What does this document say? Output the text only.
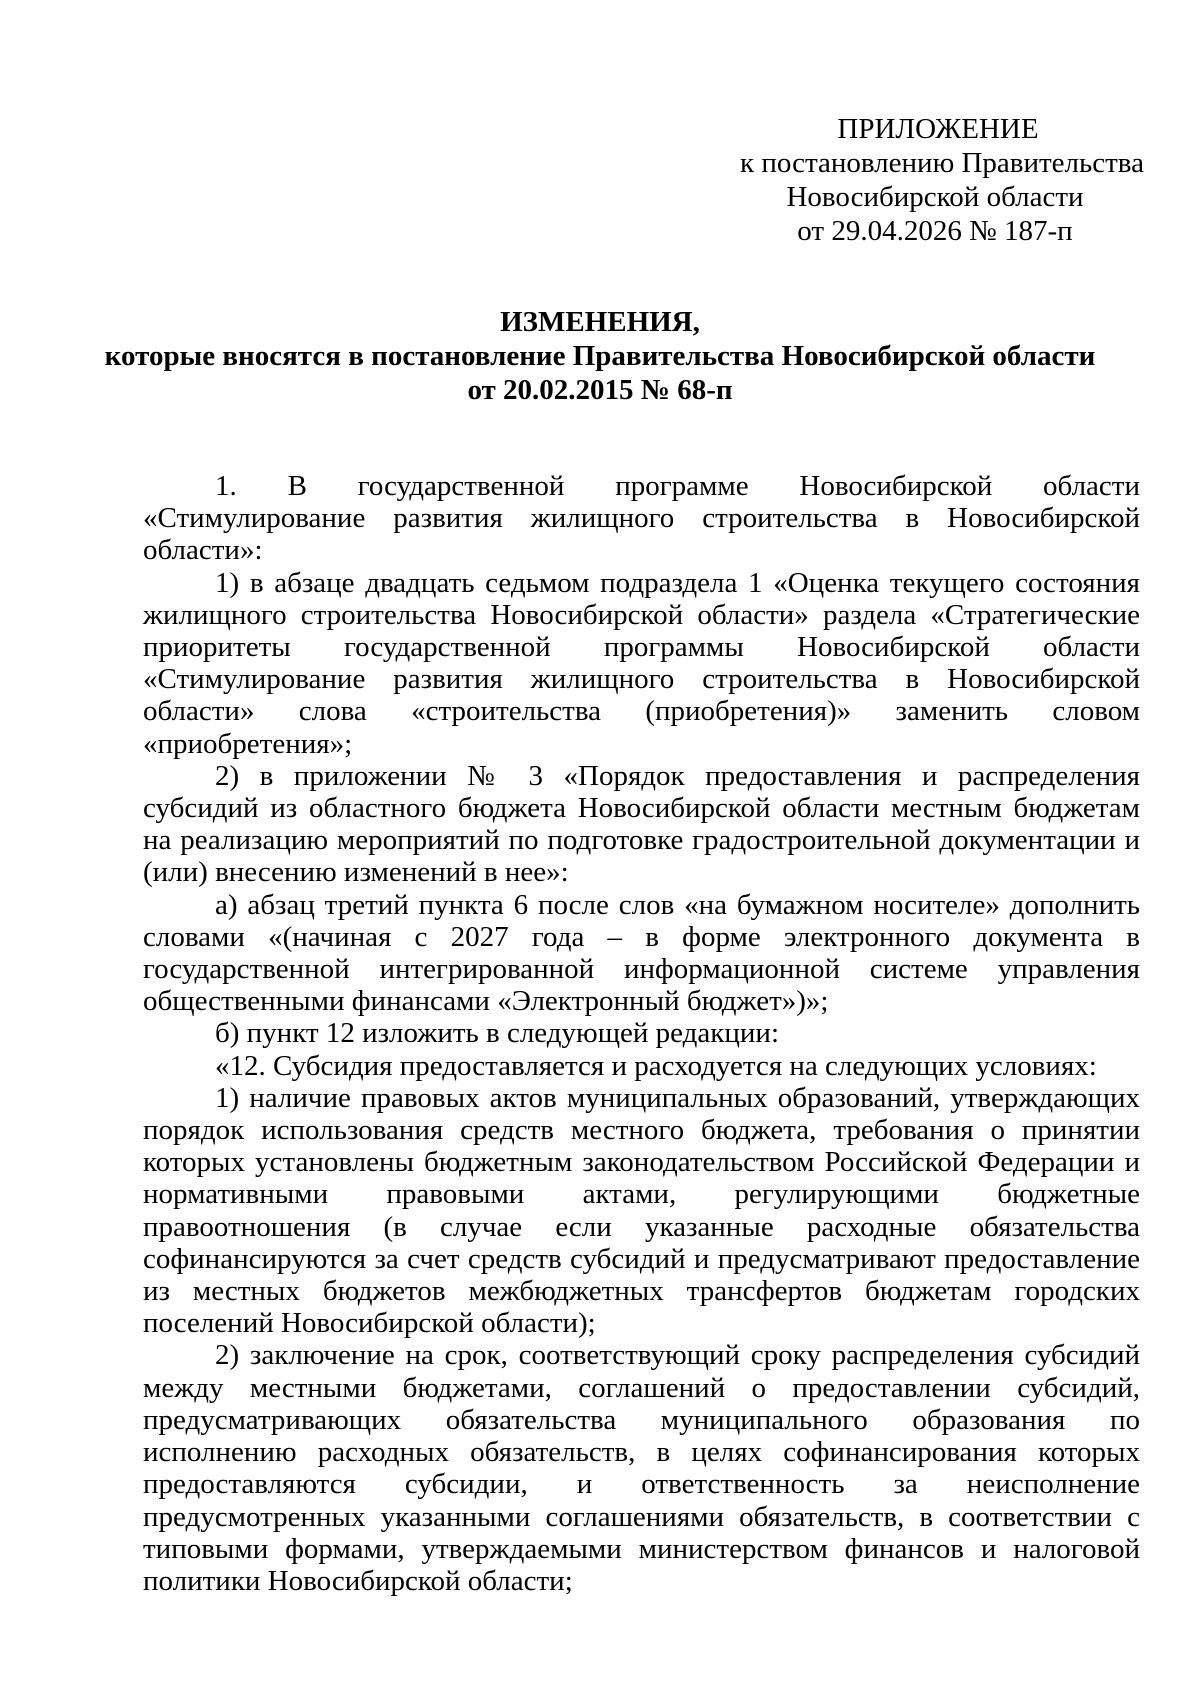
ПРИЛОЖЕНИЕ
к постановлению Правительства
Новосибирской области
от 29.04.2026 № 187-п
ИЗМЕНЕНИЯ,
которые вносятся в постановление Правительства Новосибирской области
от 20.02.2015 № 68-п

1. В государственной программе Новосибирской области «Стимулирование развития жилищного строительства в Новосибирской области»:

1) в абзаце двадцать седьмом подраздела 1 «Оценка текущего состояния жилищного строительства Новосибирской области» раздела «Стратегические приоритеты государственной программы Новосибирской области «Стимулирование развития жилищного строительства в Новосибирской области» слова «строительства (приобретения)» заменить словом «приобретения»;

2) в приложении № 3 «Порядок предоставления и распределения субсидий из областного бюджета Новосибирской области местным бюджетам на реализацию мероприятий по подготовке градостроительной документации и (или) внесению изменений в нее»:

а) абзац третий пункта 6 после слов «на бумажном носителе» дополнить словами «(начиная с 2027 года – в форме электронного документа в государственной интегрированной информационной системе управления общественными финансами «Электронный бюджет»)»;

б) пункт 12 изложить в следующей редакции:

«12. Субсидия предоставляется и расходуется на следующих условиях:

1) наличие правовых актов муниципальных образований, утверждающих порядок использования средств местного бюджета, требования о принятии которых установлены бюджетным законодательством Российской Федерации и нормативными правовыми актами, регулирующими бюджетные правоотношения (в случае если указанные расходные обязательства софинансируются за счет средств субсидий и предусматривают предоставление из местных бюджетов межбюджетных трансфертов бюджетам городских поселений Новосибирской области);

2) заключение на срок, соответствующий сроку распределения субсидий между местными бюджетами, соглашений о предоставлении субсидий, предусматривающих обязательства муниципального образования по исполнению расходных обязательств, в целях софинансирования которых предоставляются субсидии, и ответственность за неисполнение предусмотренных указанными соглашениями обязательств, в соответствии с типовыми формами, утверждаемыми министерством финансов и налоговой политики Новосибирской области;
